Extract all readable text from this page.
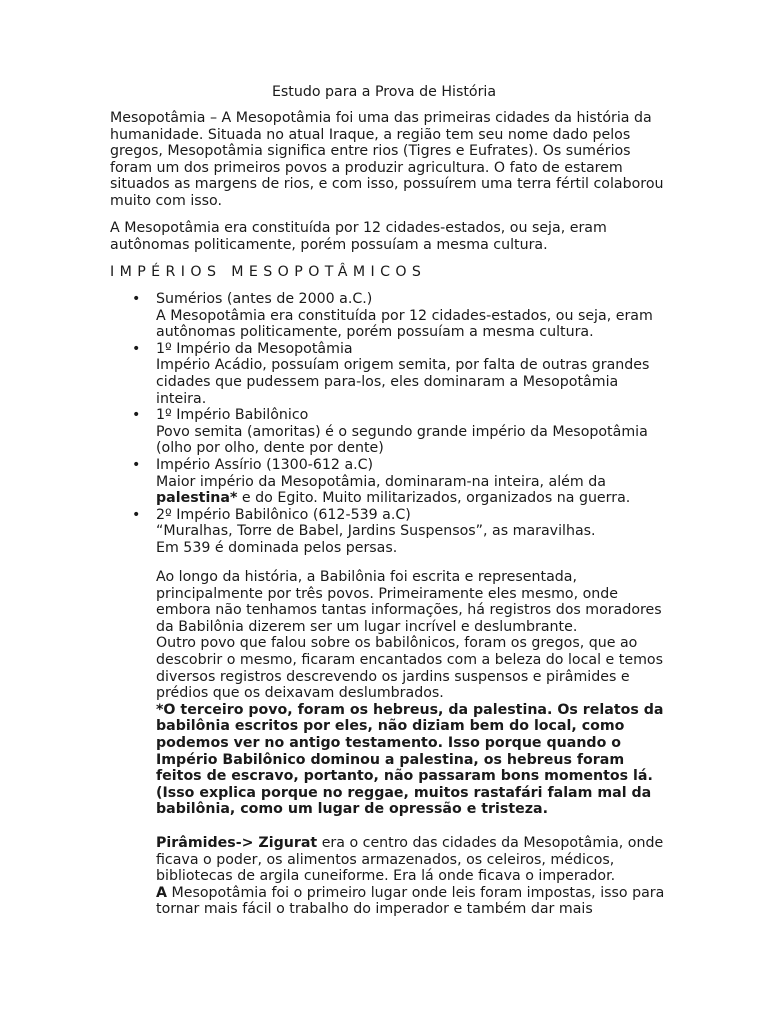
Estudo para a Prova de História
Mesopotâmia – A Mesopotâmia foi uma das primeiras cidades da história da humanidade. Situada no atual Iraque, a região tem seu nome dado pelos gregos, Mesopotâmia significa entre rios (Tigres e Eufrates). Os sumérios foram um dos primeiros povos a produzir agricultura. O fato de estarem situados as margens de rios, e com isso, possuírem uma terra fértil colaborou muito com isso.
A Mesopotâmia era constituída por 12 cidades-estados, ou seja, eram autônomas politicamente, porém possuíam a mesma cultura.
IMPÉRIOS MESOPOTÂMICOS
• Sumérios (antes de 2000 a.C.)
A Mesopotâmia era constituída por 12 cidades-estados, ou seja, eram autônomas politicamente, porém possuíam a mesma cultura.
• 1º Império da Mesopotâmia
Império Acádio, possuíam origem semita, por falta de outras grandes cidades que pudessem para-los, eles dominaram a Mesopotâmia inteira.
• 1º Império Babilônico
Povo semita (amoritas) é o segundo grande império da Mesopotâmia (olho por olho, dente por dente)
• Império Assírio (1300-612 a.C)
Maior império da Mesopotâmia, dominaram-na inteira, além da
palestina* e do Egito. Muito militarizados, organizados na guerra.
• 2º Império Babilônico (612-539 a.C)
“Muralhas, Torre de Babel, Jardins Suspensos”, as maravilhas.
Em 539 é dominada pelos persas.

Ao longo da história, a Babilônia foi escrita e representada, principalmente por três povos. Primeiramente eles mesmo, onde embora não tenhamos tantas informações, há registros dos moradores da Babilônia dizerem ser um lugar incrível e deslumbrante.

Outro povo que falou sobre os babilônicos, foram os gregos, que ao descobrir o mesmo, ficaram encantados com a beleza do local e temos diversos registros descrevendo os jardins suspensos e pirâmides e prédios que os deixavam deslumbrados.

*O terceiro povo, foram os hebreus, da palestina. Os relatos da babilônia escritos por eles, não diziam bem do local, como podemos ver no antigo testamento. Isso porque quando o Império Babilônico dominou a palestina, os hebreus foram feitos de escravo, portanto, não passaram bons momentos lá. (Isso explica porque no reggae, muitos rastafári falam mal da babilônia, como um lugar de opressão e tristeza.

Pirâmides-> Zigurat era o centro das cidades da Mesopotâmia, onde ficava o poder, os alimentos armazenados, os celeiros, médicos, bibliotecas de argila cuneiforme. Era lá onde ficava o imperador.

A Mesopotâmia foi o primeiro lugar onde leis foram impostas, isso para tornar mais fácil o trabalho do imperador e também dar mais
